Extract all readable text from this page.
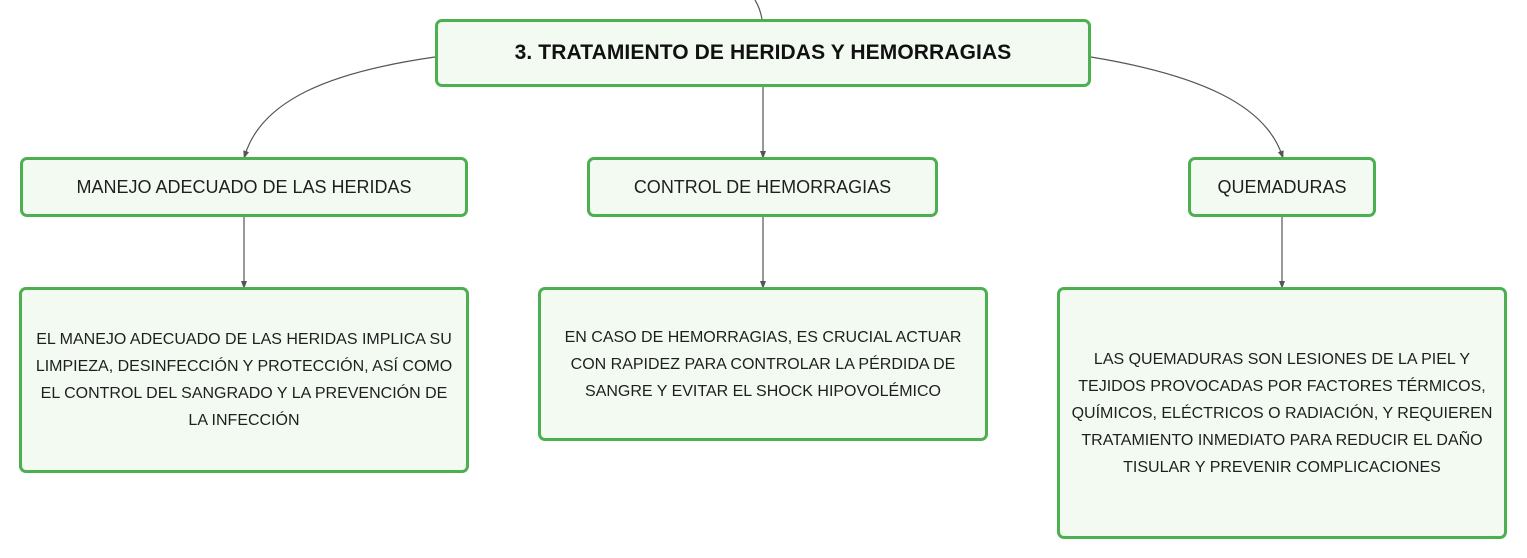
3. TRATAMIENTO DE HERIDAS Y HEMORRAGIAS
MANEJO ADECUADO DE LAS HERIDAS	CONTROL DE HEMORRAGIAS	QUEMADURAS
EL MANEJO ADECUADO DE LAS HERIDAS IMPLICA SU LIMPIEZA, DESINFECCIÓN Y PROTECCIÓN, ASÍ COMO EL CONTROL DEL SANGRADO Y LA PREVENCIÓN DE LA INFECCIÓN
EN CASO DE HEMORRAGIAS, ES CRUCIAL ACTUAR CON RAPIDEZ PARA CONTROLAR LA PÉRDIDA DE SANGRE Y EVITAR EL SHOCK HIPOVOLÉMICO
LAS QUEMADURAS SON LESIONES DE LA PIEL Y TEJIDOS PROVOCADAS POR FACTORES TÉRMICOS, QUÍMICOS, ELÉCTRICOS O RADIACIÓN, Y REQUIEREN TRATAMIENTO INMEDIATO PARA REDUCIR EL DAÑO TISULAR Y PREVENIR COMPLICACIONES
